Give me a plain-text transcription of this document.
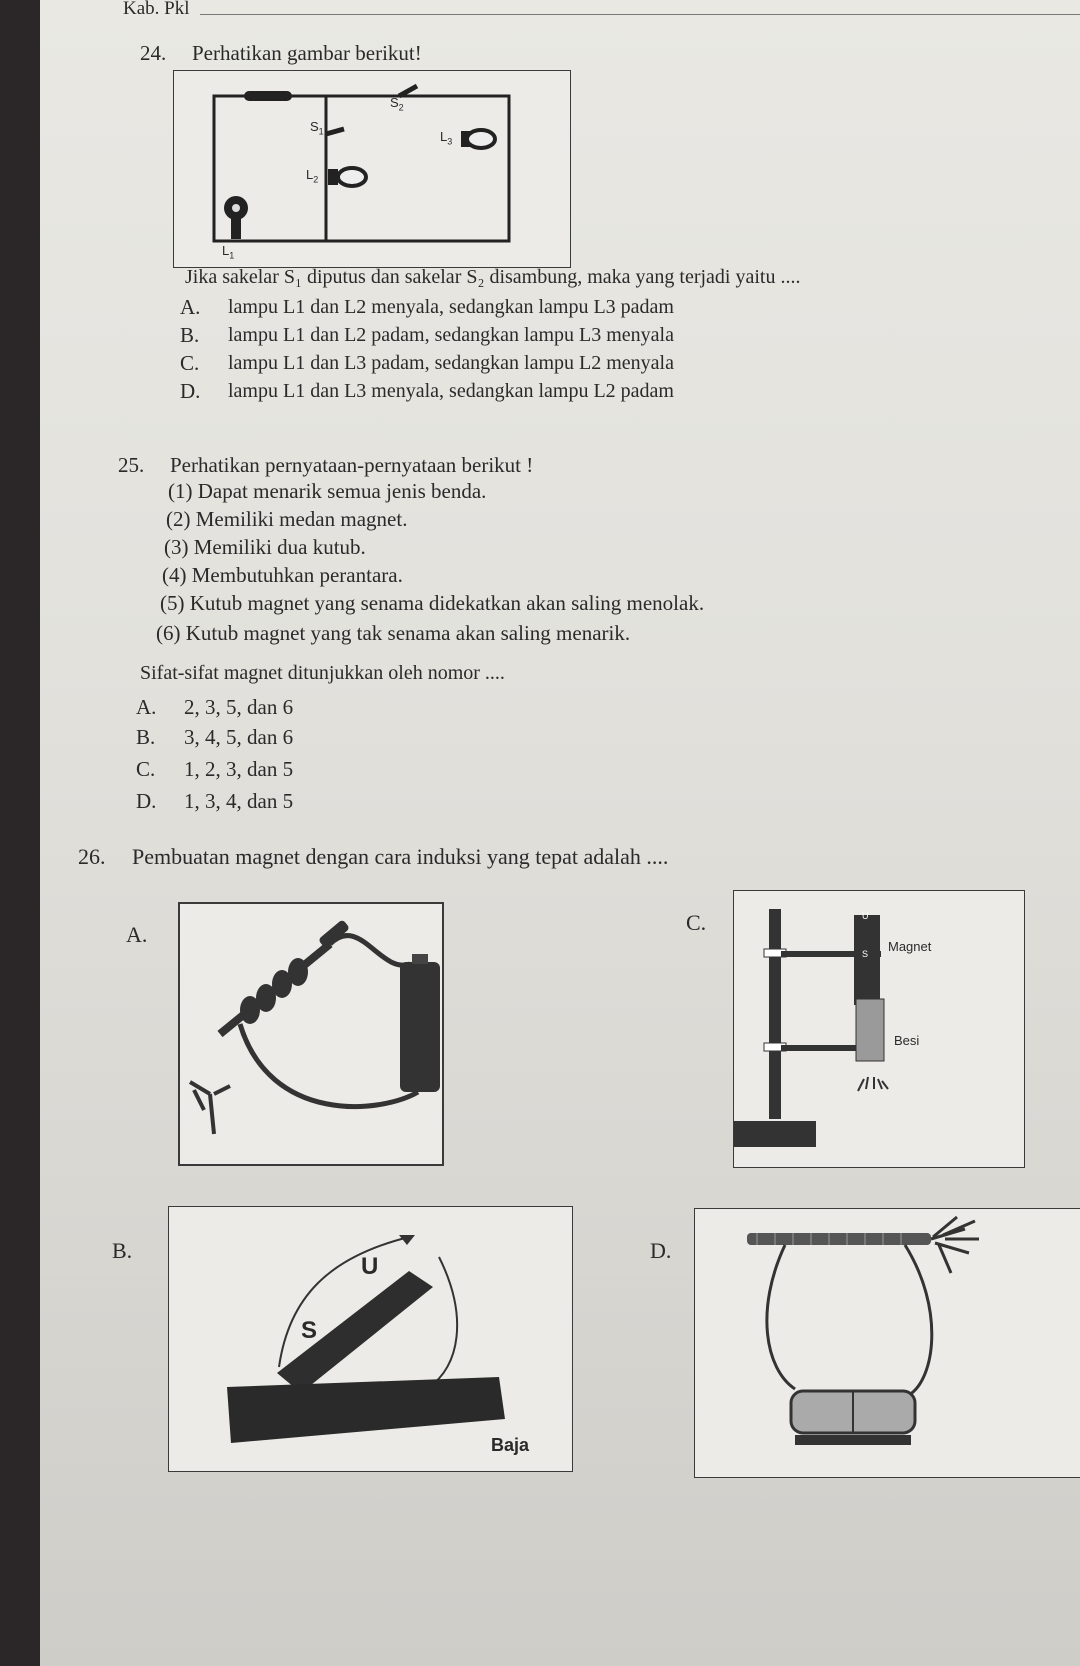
Kab. Pkl
24. Perhatikan gambar berikut!
$S_2$
$S_1$	$L_3$
$L_2$
$L_1$
Jika sakelar S₁ diputus dan sakelar S₂ disambung, maka yang terjadi yaitu ....
A. lampu L1 dan L2 menyala, sedangkan lampu L3 padam
B. lampu L1 dan L2 padam, sedangkan lampu L3 menyala
C. lampu L1 dan L3 padam, sedangkan lampu L2 menyala
D. lampu L1 dan L3 menyala, sedangkan lampu L2 padam
25. Perhatikan pernyataan-pernyataan berikut !
(1) Dapat menarik semua jenis benda.
(2) Memiliki medan magnet.
(3) Memiliki dua kutub.
(4) Membutuhkan perantara.
(5) Kutub magnet yang senama didekatkan akan saling menolak.
(6) Kutub magnet yang tak senama akan saling menarik.
Sifat-sifat magnet ditunjukkan oleh nomor ....
A. 2, 3, 5, dan 6
B. 3, 4, 5, dan 6
C. 1, 2, 3, dan 5
D. 1, 3, 4, dan 5
26. Pembuatan magnet dengan cara induksi yang tepat adalah ....
A.	C.	U
S Magnet
Besi
B.
U
S
Baja
D.
